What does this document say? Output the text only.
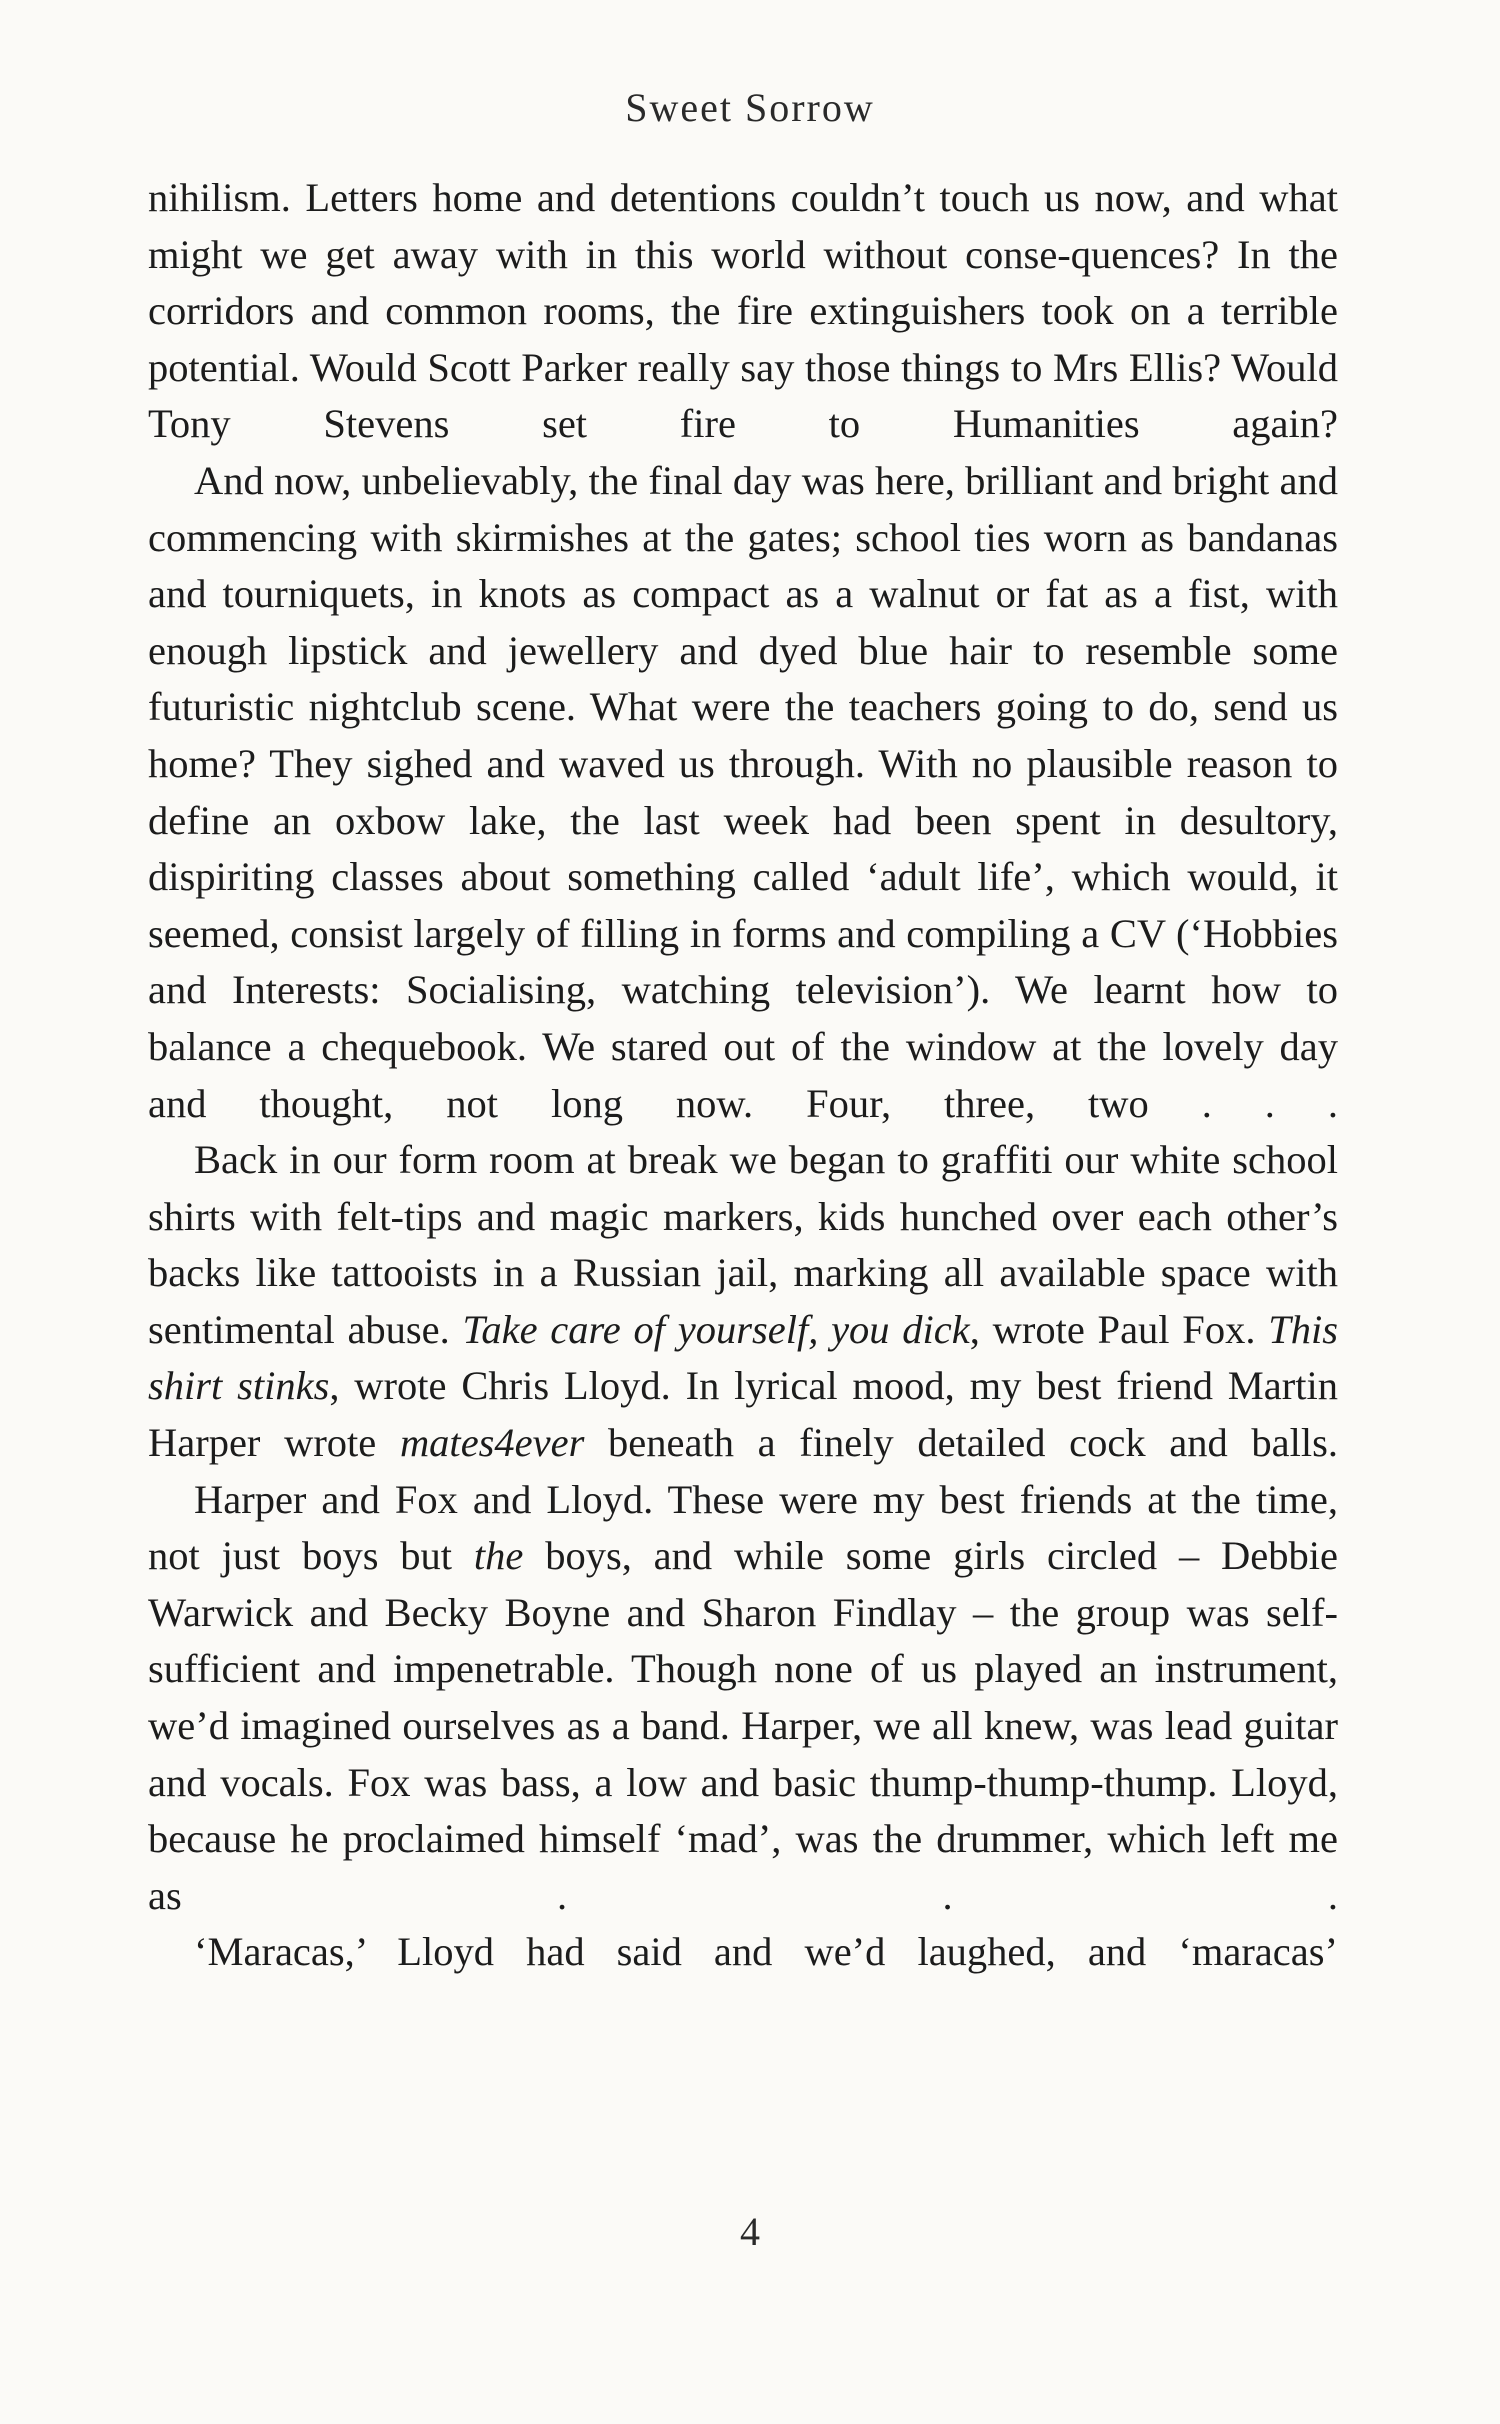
Sweet Sorrow

nihilism. Letters home and detentions couldn’t touch us now, and what might we get away with in this world without conse-quences? In the corridors and common rooms, the fire extinguishers took on a terrible potential. Would Scott Parker really say those things to Mrs Ellis? Would Tony Stevens set fire to Humanities again?

And now, unbelievably, the final day was here, brilliant and bright and commencing with skirmishes at the gates; school ties worn as bandanas and tourniquets, in knots as compact as a walnut or fat as a fist, with enough lipstick and jewellery and dyed blue hair to resemble some futuristic nightclub scene. What were the teachers going to do, send us home? They sighed and waved us through. With no plausible reason to define an oxbow lake, the last week had been spent in desultory, dispiriting classes about something called ‘adult life’, which would, it seemed, consist largely of filling in forms and compiling a CV (‘Hobbies and Interests: Socialising, watching television’). We learnt how to balance a chequebook. We stared out of the window at the lovely day and thought, not long now. Four, three, two . . .

Back in our form room at break we began to graffiti our white school shirts with felt-tips and magic markers, kids hunched over each other’s backs like tattooists in a Russian jail, marking all available space with sentimental abuse. Take care of yourself, you dick, wrote Paul Fox. This shirt stinks, wrote Chris Lloyd. In lyrical mood, my best friend Martin Harper wrote mates4ever beneath a finely detailed cock and balls.

Harper and Fox and Lloyd. These were my best friends at the time, not just boys but the boys, and while some girls circled – Debbie Warwick and Becky Boyne and Sharon Findlay – the group was self-sufficient and impenetrable. Though none of us played an instrument, we’d imagined ourselves as a band. Harper, we all knew, was lead guitar and vocals. Fox was bass, a low and basic thump-thump-thump. Lloyd, because he proclaimed himself ‘mad’, was the drummer, which left me as . . .

‘Maracas,’ Lloyd had said and we’d laughed, and ‘maracas’

4
